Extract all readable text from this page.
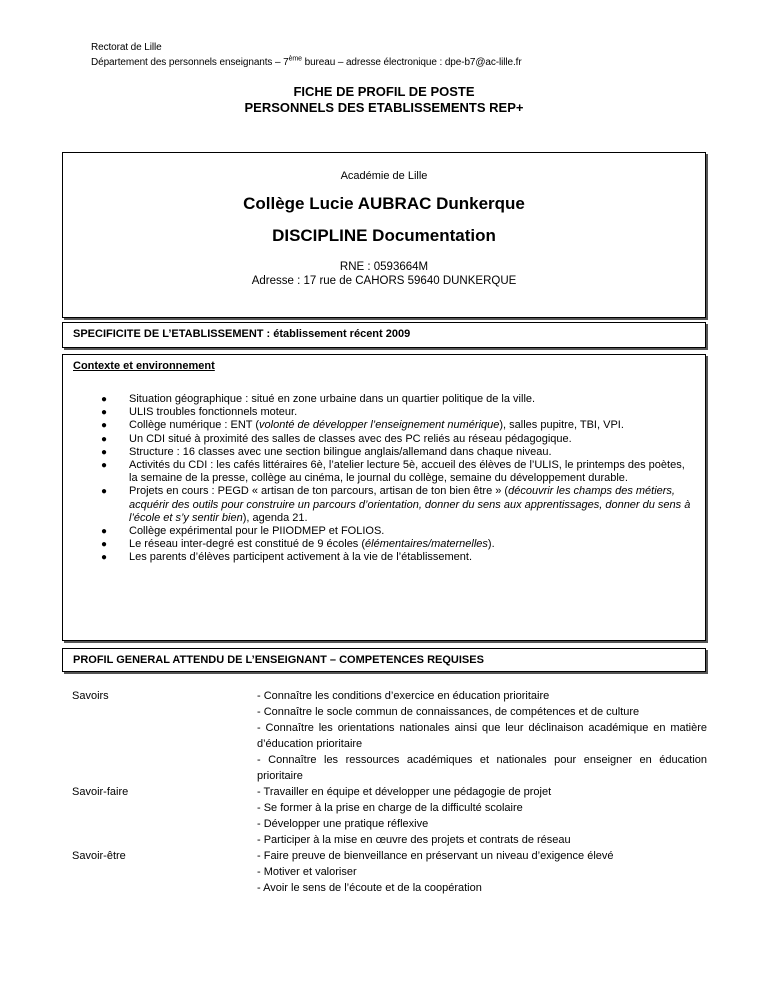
Rectorat de Lille
Département des personnels enseignants – 7ème bureau – adresse électronique : dpe-b7@ac-lille.fr
FICHE DE PROFIL DE POSTE
PERSONNELS DES ETABLISSEMENTS REP+
Académie de Lille
Collège Lucie AUBRAC Dunkerque
DISCIPLINE Documentation
RNE : 0593664M
Adresse : 17 rue de CAHORS 59640 DUNKERQUE
SPECIFICITE DE L’ETABLISSEMENT : établissement récent 2009
Contexte et environnement
● Situation géographique : situé en zone urbaine dans un quartier politique de la ville.
● ULIS troubles fonctionnels moteur.
● Collège numérique : ENT (volonté de développer l’enseignement numérique), salles pupitre, TBI, VPI.
● Un CDI situé à proximité des salles de classes avec des PC reliés au réseau pédagogique.
● Structure : 16 classes avec une section bilingue anglais/allemand dans chaque niveau.
● Activités du CDI : les cafés littéraires 6è, l’atelier lecture 5è, accueil des élèves de l’ULIS, le printemps des poètes, la semaine de la presse, collège au cinéma, le journal du collège, semaine du développement durable.
● Projets en cours : PEGD « artisan de ton parcours, artisan de ton bien être » (découvrir les champs des métiers, acquérir des outils pour construire un parcours d’orientation, donner du sens aux apprentissages, donner du sens à l’école et s’y sentir bien), agenda 21.
● Collège expérimental pour le PIIODMEP et FOLIOS.
● Le réseau inter-degré est constitué de 9 écoles (élémentaires/maternelles).
● Les parents d’élèves participent activement à la vie de l’établissement.
PROFIL GENERAL ATTENDU DE L’ENSEIGNANT – COMPETENCES REQUISES
Savoirs
Savoir-faire
Savoir-être
- Connaître les conditions d’exercice en éducation prioritaire
- Connaître le socle commun de connaissances, de compétences et de culture
- Connaître les orientations nationales ainsi que leur déclinaison académique en matière d’éducation prioritaire
- Connaître les ressources académiques et nationales pour enseigner en éducation prioritaire
- Travailler en équipe et développer une pédagogie de projet
- Se former à la prise en charge de la difficulté scolaire
- Développer une pratique réflexive
- Participer à la mise en œuvre des projets et contrats de réseau
- Faire preuve de bienveillance en préservant un niveau d’exigence élevé
- Motiver et valoriser
- Avoir le sens de l’écoute et de la coopération
